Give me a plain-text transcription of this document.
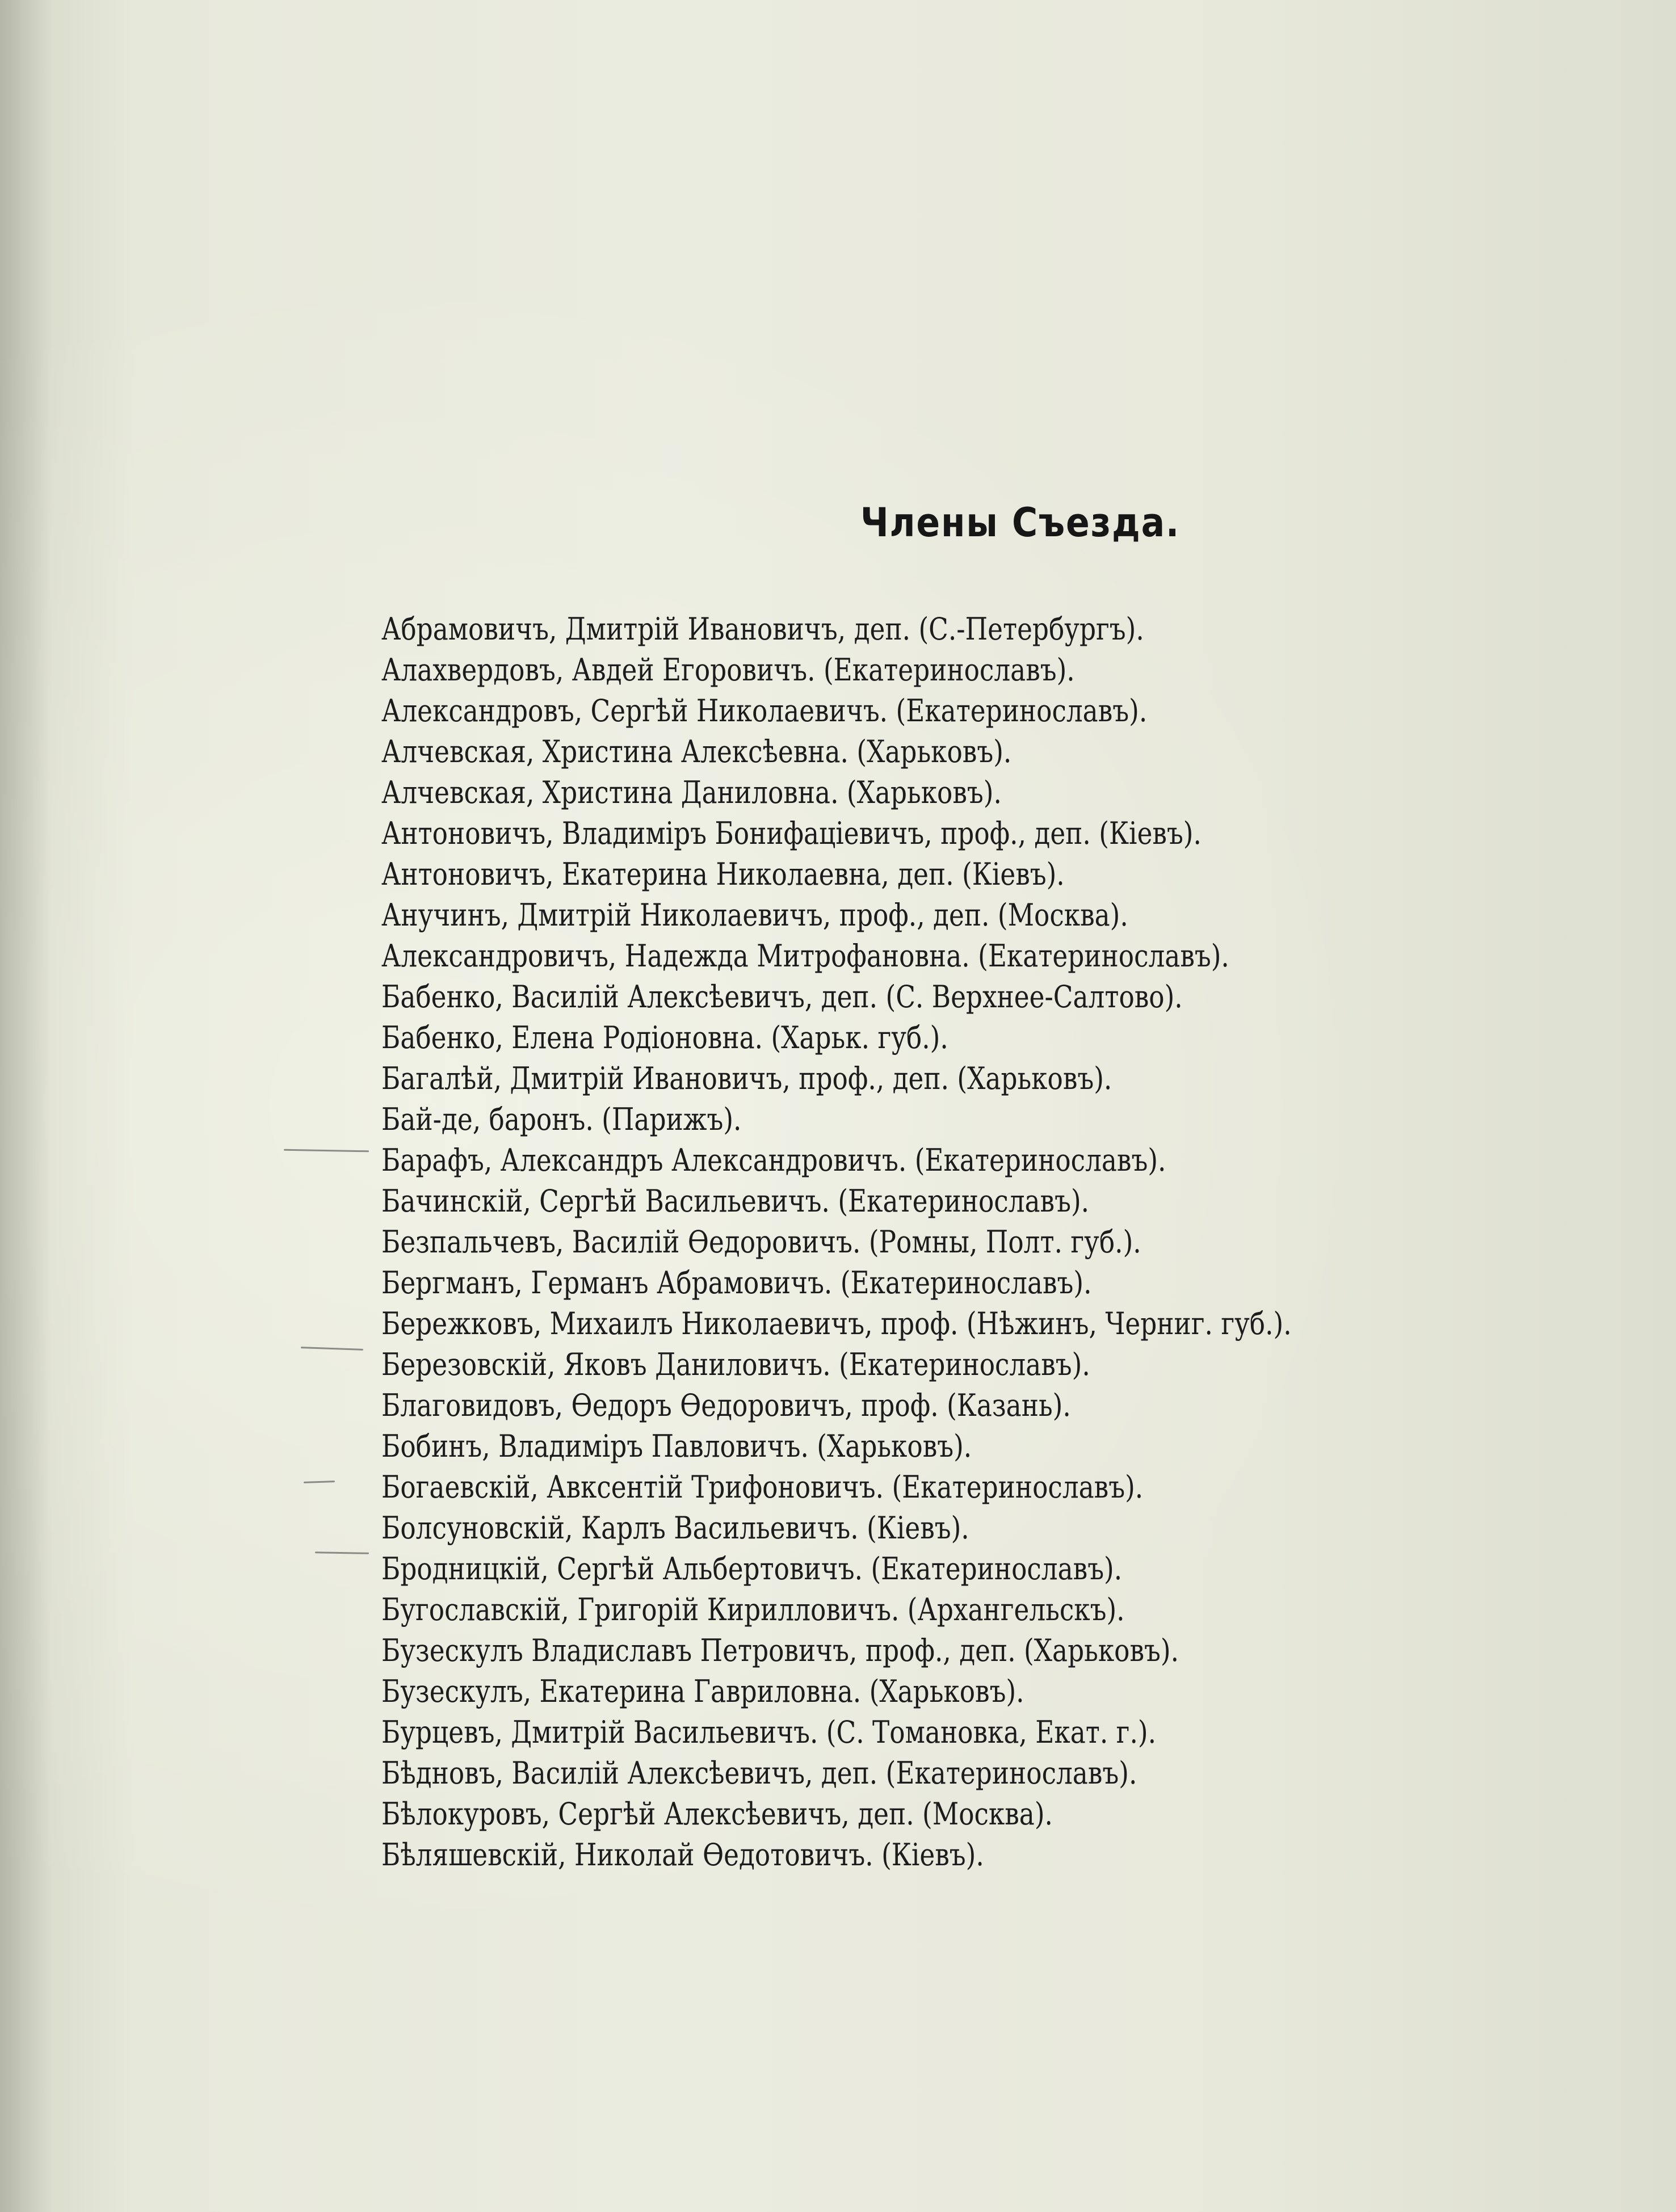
Члены Съезда.
Абрамовичъ, Дмитрій Ивановичъ, деп. (С.-Петербургъ).
Алахвердовъ, Авдей Егоровичъ. (Екатеринославъ).
Александровъ, Сергѣй Николаевичъ. (Екатеринославъ).
Алчевская, Христина Алексѣевна. (Харьковъ).
Алчевская, Христина Даниловна. (Харьковъ).
Антоновичъ, Владиміръ Бонифаціевичъ, проф., деп. (Кіевъ).
Антоновичъ, Екатерина Николаевна, деп. (Кіевъ).
Анучинъ, Дмитрій Николаевичъ, проф., деп. (Москва).
Александровичъ, Надежда Митрофановна. (Екатеринославъ).
Бабенко, Василій Алексѣевичъ, деп. (С. Верхнее-Салтово).
Бабенко, Елена Родіоновна. (Харьк. губ.).
Багалѣй, Дмитрій Ивановичъ, проф., деп. (Харьковъ).
Бай-де, баронъ. (Парижъ).
Барафъ, Александръ Александровичъ. (Екатеринославъ).
Бачинскій, Сергѣй Васильевичъ. (Екатеринославъ).
Безпальчевъ, Василій Ѳедоровичъ. (Ромны, Полт. губ.).
Бергманъ, Германъ Абрамовичъ. (Екатеринославъ).
Бережковъ, Михаилъ Николаевичъ, проф. (Нѣжинъ, Черниг. губ.).
Березовскій, Яковъ Даниловичъ. (Екатеринославъ).
Благовидовъ, Ѳедоръ Ѳедоровичъ, проф. (Казань).
Бобинъ, Владиміръ Павловичъ. (Харьковъ).
Богаевскій, Авксентій Трифоновичъ. (Екатеринославъ).
Болсуновскій, Карлъ Васильевичъ. (Кіевъ).
Бродницкій, Сергѣй Альбертовичъ. (Екатеринославъ).
Бугославскій, Григорій Кирилловичъ. (Архангельскъ).
Бузескулъ Владиславъ Петровичъ, проф., деп. (Харьковъ).
Бузескулъ, Екатерина Гавриловна. (Харьковъ).
Бурцевъ, Дмитрій Васильевичъ. (С. Томановка, Екат. г.).
Бѣдновъ, Василій Алексѣевичъ, деп. (Екатеринославъ).
Бѣлокуровъ, Сергѣй Алексѣевичъ, деп. (Москва).
Бѣляшевскій, Николай Ѳедотовичъ. (Кіевъ).
